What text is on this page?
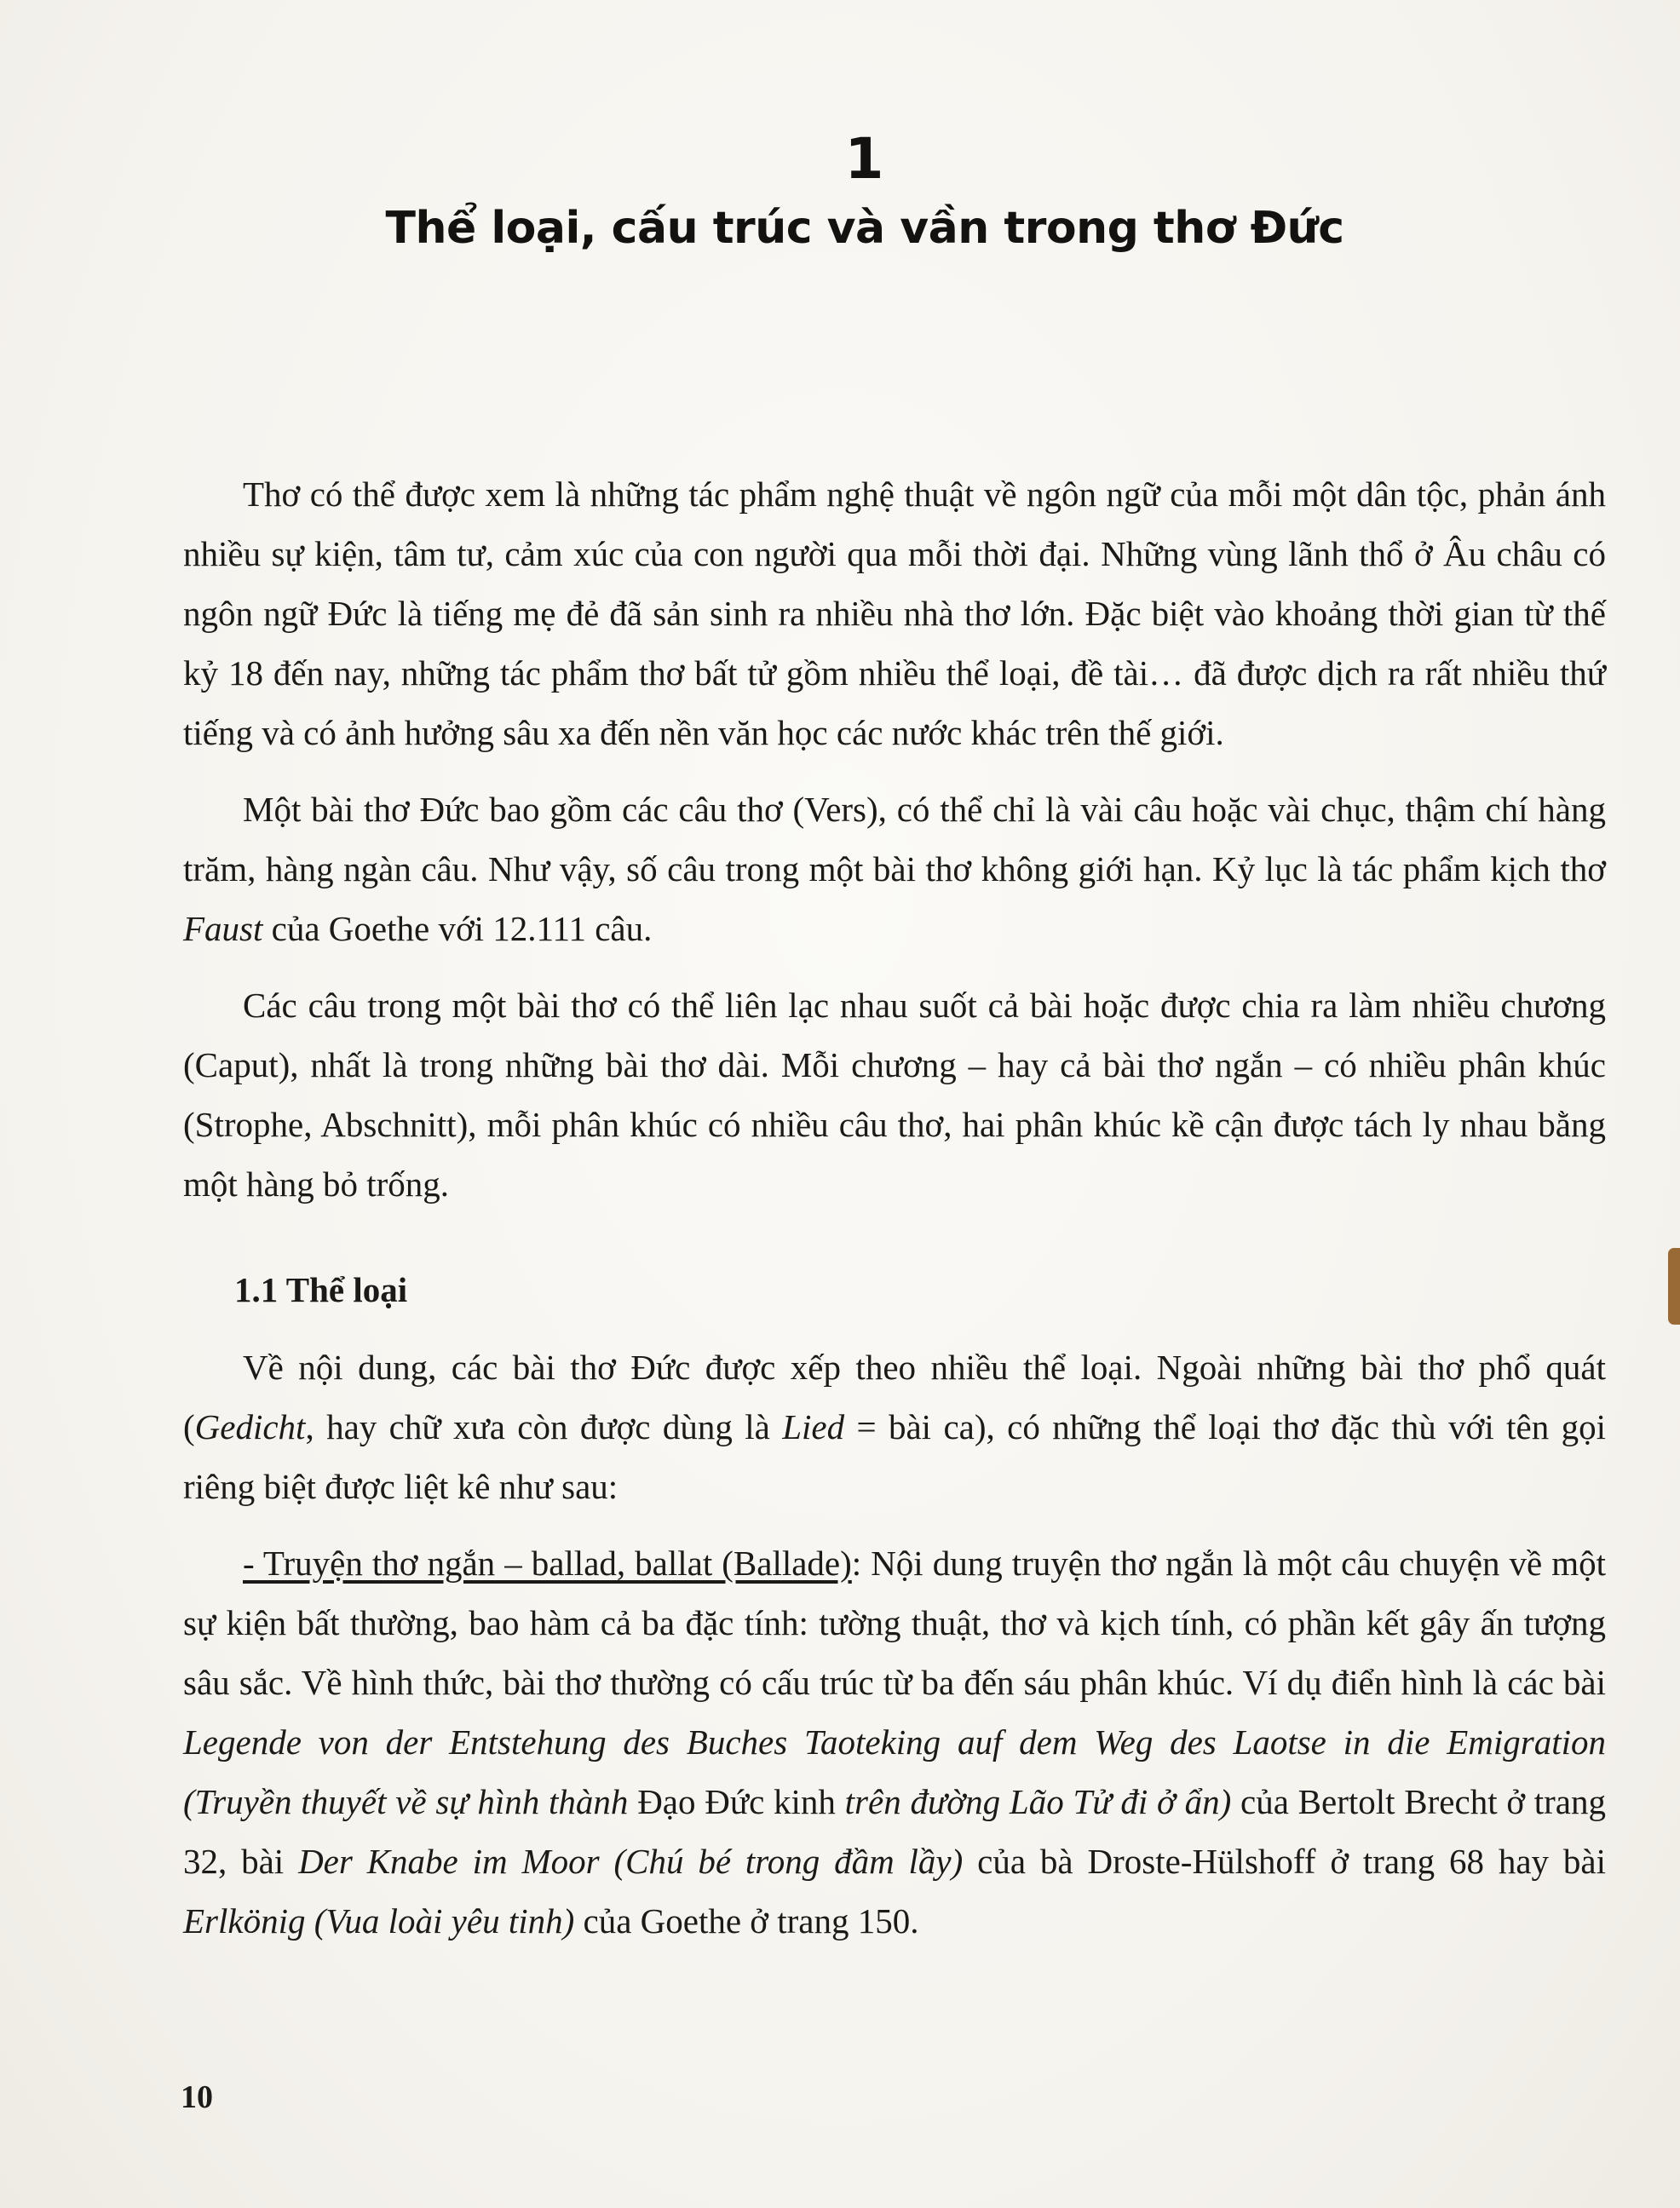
1
Thể loại, cấu trúc và vần trong thơ Đức

Thơ có thể được xem là những tác phẩm nghệ thuật về ngôn ngữ của mỗi một dân tộc, phản ánh nhiều sự kiện, tâm tư, cảm xúc của con người qua mỗi thời đại. Những vùng lãnh thổ ở Âu châu có ngôn ngữ Đức là tiếng mẹ đẻ đã sản sinh ra nhiều nhà thơ lớn. Đặc biệt vào khoảng thời gian từ thế kỷ 18 đến nay, những tác phẩm thơ bất tử gồm nhiều thể loại, đề tài… đã được dịch ra rất nhiều thứ tiếng và có ảnh hưởng sâu xa đến nền văn học các nước khác trên thế giới.

Một bài thơ Đức bao gồm các câu thơ (Vers), có thể chỉ là vài câu hoặc vài chục, thậm chí hàng trăm, hàng ngàn câu. Như vậy, số câu trong một bài thơ không giới hạn. Kỷ lục là tác phẩm kịch thơ Faust của Goethe với 12.111 câu.

Các câu trong một bài thơ có thể liên lạc nhau suốt cả bài hoặc được chia ra làm nhiều chương (Caput), nhất là trong những bài thơ dài. Mỗi chương – hay cả bài thơ ngắn – có nhiều phân khúc (Strophe, Abschnitt), mỗi phân khúc có nhiều câu thơ, hai phân khúc kề cận được tách ly nhau bằng một hàng bỏ trống.

1.1 Thể loại

Về nội dung, các bài thơ Đức được xếp theo nhiều thể loại. Ngoài những bài thơ phổ quát (Gedicht, hay chữ xưa còn được dùng là Lied = bài ca), có những thể loại thơ đặc thù với tên gọi riêng biệt được liệt kê như sau:

- Truyện thơ ngắn – ballad, ballat (Ballade): Nội dung truyện thơ ngắn là một câu chuyện về một sự kiện bất thường, bao hàm cả ba đặc tính: tường thuật, thơ và kịch tính, có phần kết gây ấn tượng sâu sắc. Về hình thức, bài thơ thường có cấu trúc từ ba đến sáu phân khúc. Ví dụ điển hình là các bài Legende von der Entstehung des Buches Taoteking auf dem Weg des Laotse in die Emigration (Truyền thuyết về sự hình thành Đạo Đức kinh trên đường Lão Tử đi ở ẩn) của Bertolt Brecht ở trang 32, bài Der Knabe im Moor (Chú bé trong đầm lầy) của bà Droste-Hülshoff ở trang 68 hay bài Erlkönig (Vua loài yêu tinh) của Goethe ở trang 150.

10
